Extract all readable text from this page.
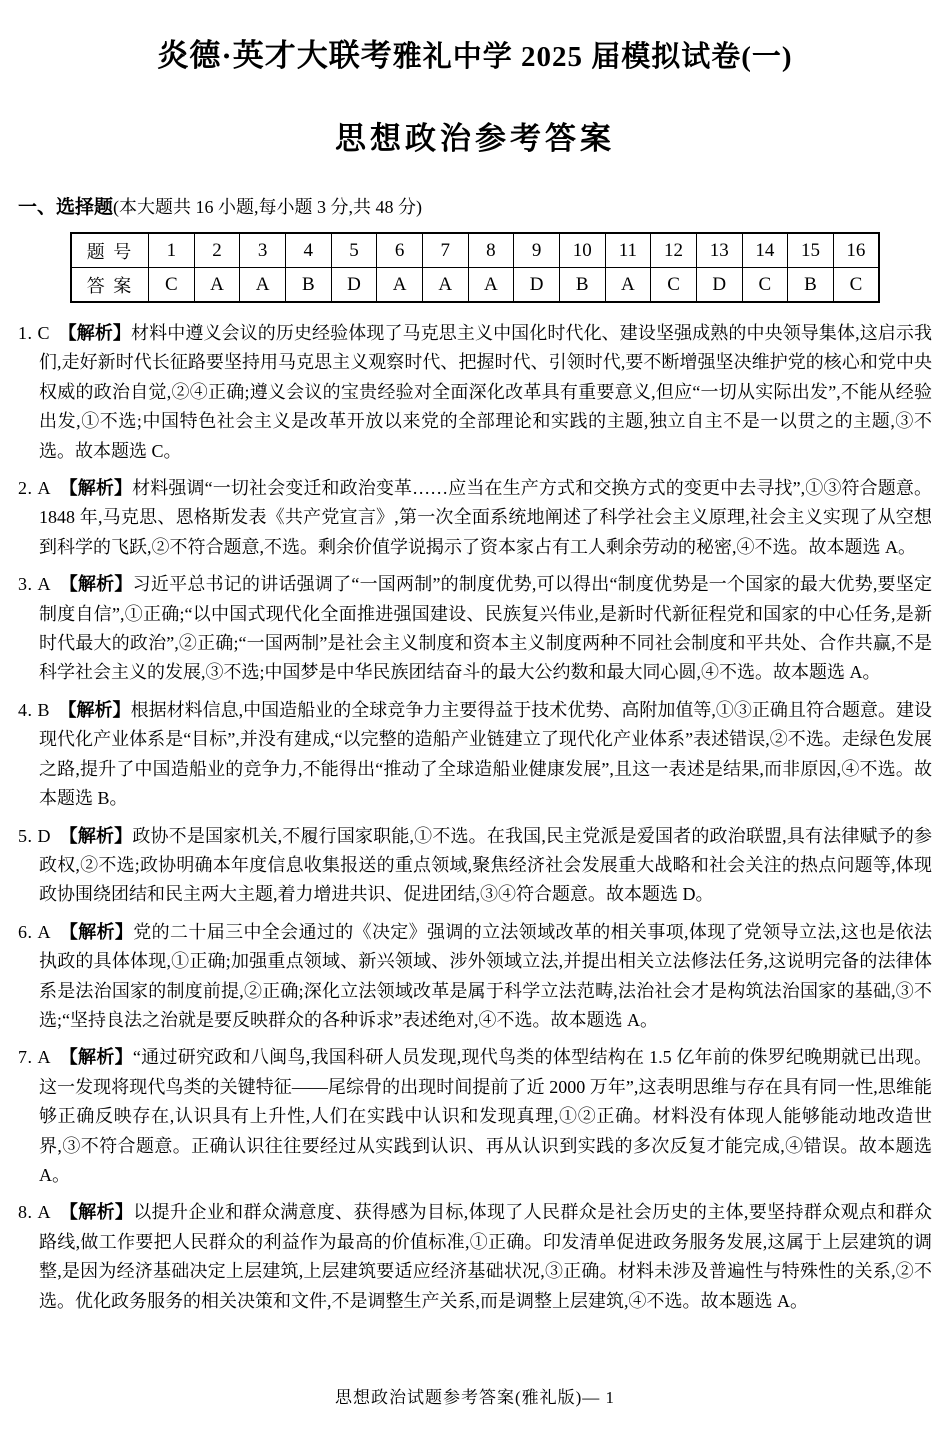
炎德·英才大联考雅礼中学 2025 届模拟试卷(一)
思想政治参考答案
一、选择题(本大题共 16 小题,每小题 3 分,共 48 分)
题 号	1	2	3	4	5	6	7	8	9	10	11	12	13	14	15	16
答 案	C	A	A	B	D	A	A	A	D	B	A	C	D	C	B	C

1. C 【解析】材料中遵义会议的历史经验体现了马克思主义中国化时代化、建设坚强成熟的中央领导集体,这启示我们,走好新时代长征路要坚持用马克思主义观察时代、把握时代、引领时代,要不断增强坚决维护党的核心和党中央权威的政治自觉,②④正确;遵义会议的宝贵经验对全面深化改革具有重要意义,但应“一切从实际出发”,不能从经验出发,①不选;中国特色社会主义是改革开放以来党的全部理论和实践的主题,独立自主不是一以贯之的主题,③不选。故本题选 C。

2. A 【解析】材料强调“一切社会变迁和政治变革……应当在生产方式和交换方式的变更中去寻找”,①③符合题意。1848 年,马克思、恩格斯发表《共产党宣言》,第一次全面系统地阐述了科学社会主义原理,社会主义实现了从空想到科学的飞跃,②不符合题意,不选。剩余价值学说揭示了资本家占有工人剩余劳动的秘密,④不选。故本题选 A。

3. A 【解析】习近平总书记的讲话强调了“一国两制”的制度优势,可以得出“制度优势是一个国家的最大优势,要坚定制度自信”,①正确;“以中国式现代化全面推进强国建设、民族复兴伟业,是新时代新征程党和国家的中心任务,是新时代最大的政治”,②正确;“一国两制”是社会主义制度和资本主义制度两种不同社会制度和平共处、合作共赢,不是科学社会主义的发展,③不选;中国梦是中华民族团结奋斗的最大公约数和最大同心圆,④不选。故本题选 A。

4. B 【解析】根据材料信息,中国造船业的全球竞争力主要得益于技术优势、高附加值等,①③正确且符合题意。建设现代化产业体系是“目标”,并没有建成,“以完整的造船产业链建立了现代化产业体系”表述错误,②不选。走绿色发展之路,提升了中国造船业的竞争力,不能得出“推动了全球造船业健康发展”,且这一表述是结果,而非原因,④不选。故本题选 B。

5. D 【解析】政协不是国家机关,不履行国家职能,①不选。在我国,民主党派是爱国者的政治联盟,具有法律赋予的参政权,②不选;政协明确本年度信息收集报送的重点领域,聚焦经济社会发展重大战略和社会关注的热点问题等,体现政协围绕团结和民主两大主题,着力增进共识、促进团结,③④符合题意。故本题选 D。

6. A 【解析】党的二十届三中全会通过的《决定》强调的立法领域改革的相关事项,体现了党领导立法,这也是依法执政的具体体现,①正确;加强重点领域、新兴领域、涉外领域立法,并提出相关立法修法任务,这说明完备的法律体系是法治国家的制度前提,②正确;深化立法领域改革是属于科学立法范畴,法治社会才是构筑法治国家的基础,③不选;“坚持良法之治就是要反映群众的各种诉求”表述绝对,④不选。故本题选 A。

7. A 【解析】“通过研究政和八闽鸟,我国科研人员发现,现代鸟类的体型结构在 1.5 亿年前的侏罗纪晚期就已出现。这一发现将现代鸟类的关键特征——尾综骨的出现时间提前了近 2000 万年”,这表明思维与存在具有同一性,思维能够正确反映存在,认识具有上升性,人们在实践中认识和发现真理,①②正确。材料没有体现人能够能动地改造世界,③不符合题意。正确认识往往要经过从实践到认识、再从认识到实践的多次反复才能完成,④错误。故本题选 A。

8. A 【解析】以提升企业和群众满意度、获得感为目标,体现了人民群众是社会历史的主体,要坚持群众观点和群众路线,做工作要把人民群众的利益作为最高的价值标准,①正确。印发清单促进政务服务发展,这属于上层建筑的调整,是因为经济基础决定上层建筑,上层建筑要适应经济基础状况,③正确。材料未涉及普遍性与特殊性的关系,②不选。优化政务服务的相关决策和文件,不是调整生产关系,而是调整上层建筑,④不选。故本题选 A。

思想政治试题参考答案(雅礼版)— 1
